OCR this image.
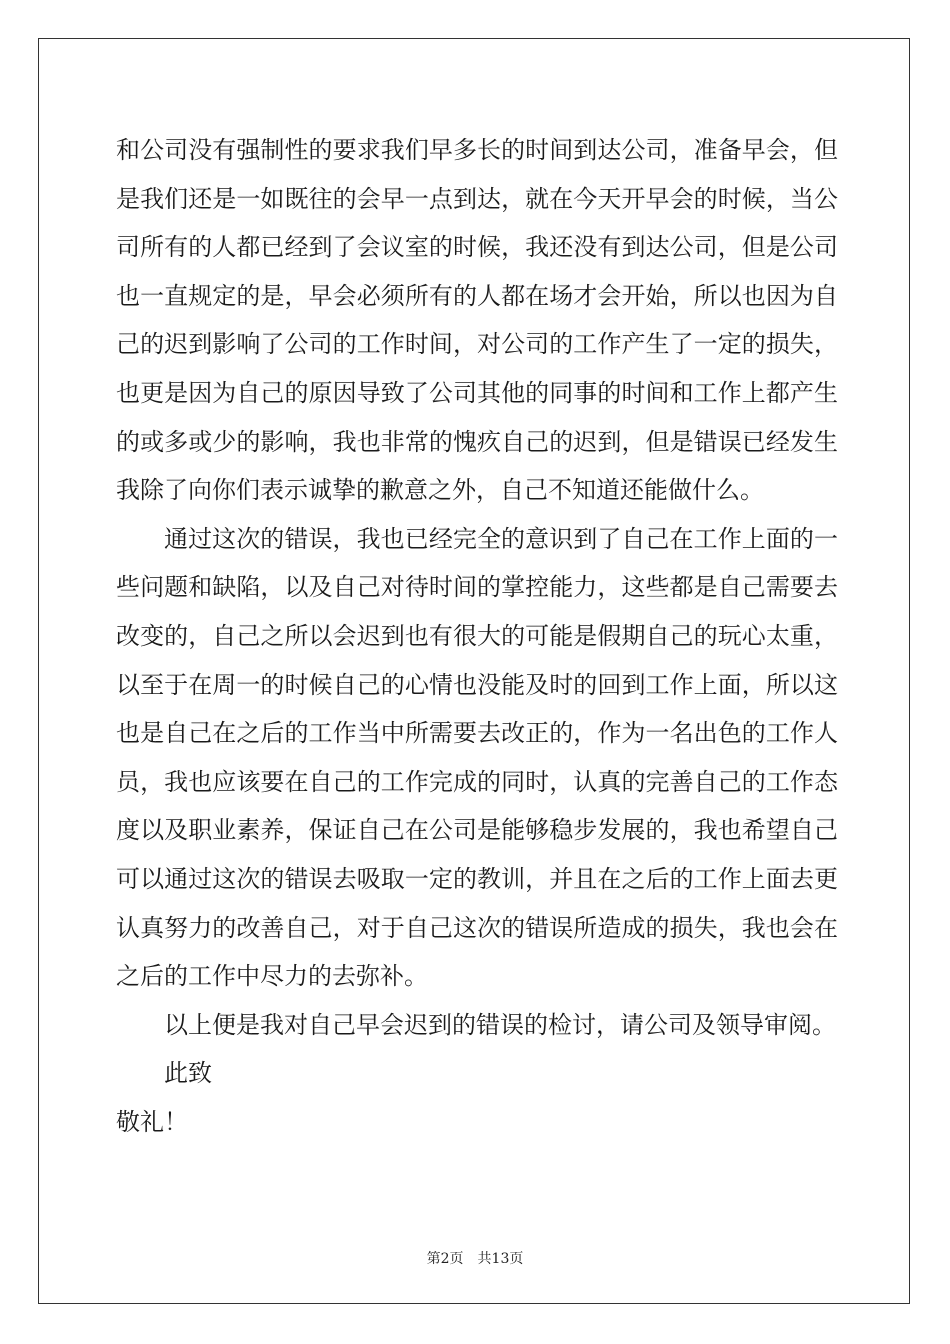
和公司没有强制性的要求我们早多长的时间到达公司，准备早会，但
是我们还是一如既往的会早一点到达，就在今天开早会的时候，当公
司所有的人都已经到了会议室的时候，我还没有到达公司，但是公司
也一直规定的是，早会必须所有的人都在场才会开始，所以也因为自
己的迟到影响了公司的工作时间，对公司的工作产生了一定的损失，
也更是因为自己的原因导致了公司其他的同事的时间和工作上都产生
的或多或少的影响，我也非常的愧疚自己的迟到，但是错误已经发生
我除了向你们表示诚挚的歉意之外，自己不知道还能做什么。
通过这次的错误，我也已经完全的意识到了自己在工作上面的一
些问题和缺陷，以及自己对待时间的掌控能力，这些都是自己需要去
改变的，自己之所以会迟到也有很大的可能是假期自己的玩心太重，
以至于在周一的时候自己的心情也没能及时的回到工作上面，所以这
也是自己在之后的工作当中所需要去改正的，作为一名出色的工作人
员，我也应该要在自己的工作完成的同时，认真的完善自己的工作态
度以及职业素养，保证自己在公司是能够稳步发展的，我也希望自己
可以通过这次的错误去吸取一定的教训，并且在之后的工作上面去更
认真努力的改善自己，对于自己这次的错误所造成的损失，我也会在
之后的工作中尽力的去弥补。
以上便是我对自己早会迟到的错误的检讨，请公司及领导审阅。
此致
敬礼！
第2页 共13页
